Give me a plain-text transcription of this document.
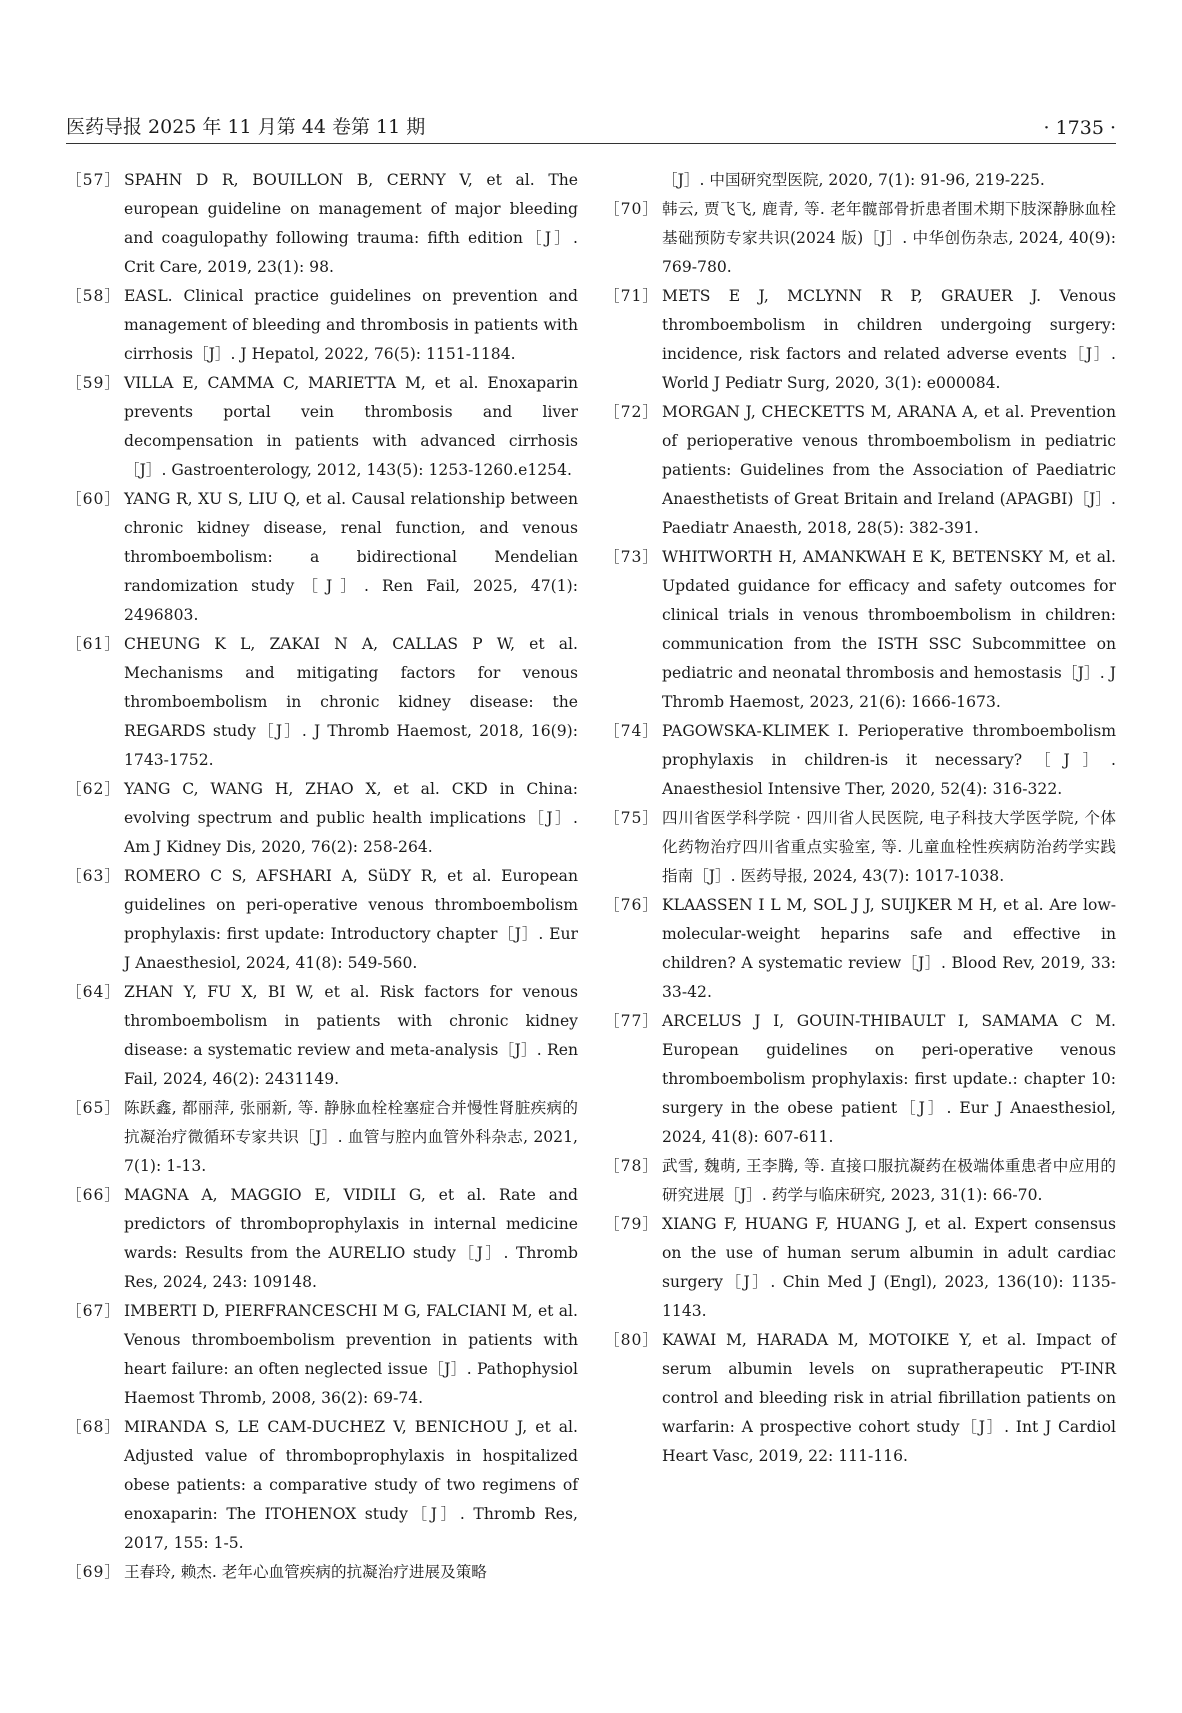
医药导报 2025 年 11 月第 44 卷第 11 期	· 1735 ·
［57］ SPAHN D R, BOUILLON B, CERNY V, et al. The european guideline on management of major bleeding and coagulopathy following trauma: fifth edition［J］. Crit Care, 2019, 23(1): 98.
［58］ EASL. Clinical practice guidelines on prevention and management of bleeding and thrombosis in patients with cirrhosis［J］. J Hepatol, 2022, 76(5): 1151-1184.
［59］ VILLA E, CAMMA C, MARIETTA M, et al. Enoxaparin prevents portal vein thrombosis and liver decompensation in patients with advanced cirrhosis［J］. Gastroenterology, 2012, 143(5): 1253-1260.e1254.
［60］ YANG R, XU S, LIU Q, et al. Causal relationship between chronic kidney disease, renal function, and venous thromboembolism: a bidirectional Mendelian randomization study［J］. Ren Fail, 2025, 47(1): 2496803.
［61］ CHEUNG K L, ZAKAI N A, CALLAS P W, et al. Mechanisms and mitigating factors for venous thromboembolism in chronic kidney disease: the REGARDS study［J］. J Thromb Haemost, 2018, 16(9): 1743-1752.
［62］ YANG C, WANG H, ZHAO X, et al. CKD in China: evolving spectrum and public health implications［J］. Am J Kidney Dis, 2020, 76(2): 258-264.
［63］ ROMERO C S, AFSHARI A, SüDY R, et al. European guidelines on peri-operative venous thromboembolism prophylaxis: first update: Introductory chapter［J］. Eur J Anaesthesiol, 2024, 41(8): 549-560.
［64］ ZHAN Y, FU X, BI W, et al. Risk factors for venous thromboembolism in patients with chronic kidney disease: a systematic review and meta-analysis［J］. Ren Fail, 2024, 46(2): 2431149.
［65］ 陈跃鑫, 都丽萍, 张丽新, 等. 静脉血栓栓塞症合并慢性肾脏疾病的抗凝治疗微循环专家共识［J］. 血管与腔内血管外科杂志, 2021, 7(1): 1-13.
［66］ MAGNA A, MAGGIO E, VIDILI G, et al. Rate and predictors of thromboprophylaxis in internal medicine wards: Results from the AURELIO study［J］. Thromb Res, 2024, 243: 109148.
［67］ IMBERTI D, PIERFRANCESCHI M G, FALCIANI M, et al. Venous thromboembolism prevention in patients with heart failure: an often neglected issue［J］. Pathophysiol Haemost Thromb, 2008, 36(2): 69-74.
［68］ MIRANDA S, LE CAM-DUCHEZ V, BENICHOU J, et al. Adjusted value of thromboprophylaxis in hospitalized obese patients: a comparative study of two regimens of enoxaparin: The ITOHENOX study［J］. Thromb Res, 2017, 155: 1-5.
［69］ 王春玲, 赖杰. 老年心血管疾病的抗凝治疗进展及策略
［J］. 中国研究型医院, 2020, 7(1): 91-96, 219-225.
［70］ 韩云, 贾飞飞, 鹿青, 等. 老年髋部骨折患者围术期下肢深静脉血栓基础预防专家共识(2024 版)［J］. 中华创伤杂志, 2024, 40(9): 769-780.
［71］ METS E J, MCLYNN R P, GRAUER J. Venous thromboembolism in children undergoing surgery: incidence, risk factors and related adverse events［J］. World J Pediatr Surg, 2020, 3(1): e000084.
［72］ MORGAN J, CHECKETTS M, ARANA A, et al. Prevention of perioperative venous thromboembolism in pediatric patients: Guidelines from the Association of Paediatric Anaesthetists of Great Britain and Ireland (APAGBI)［J］. Paediatr Anaesth, 2018, 28(5): 382-391.
［73］ WHITWORTH H, AMANKWAH E K, BETENSKY M, et al. Updated guidance for efficacy and safety outcomes for clinical trials in venous thromboembolism in children: communication from the ISTH SSC Subcommittee on pediatric and neonatal thrombosis and hemostasis［J］. J Thromb Haemost, 2023, 21(6): 1666-1673.
［74］ PAGOWSKA-KLIMEK I. Perioperative thromboembolism prophylaxis in children-is it necessary?［J］. Anaesthesiol Intensive Ther, 2020, 52(4): 316-322.
［75］ 四川省医学科学院 · 四川省人民医院, 电子科技大学医学院, 个体化药物治疗四川省重点实验室, 等. 儿童血栓性疾病防治药学实践指南［J］. 医药导报, 2024, 43(7): 1017-1038.
［76］ KLAASSEN I L M, SOL J J, SUIJKER M H, et al. Are low-molecular-weight heparins safe and effective in children? A systematic review［J］. Blood Rev, 2019, 33: 33-42.
［77］ ARCELUS J I, GOUIN-THIBAULT I, SAMAMA C M. European guidelines on peri-operative venous thromboembolism prophylaxis: first update.: chapter 10: surgery in the obese patient［J］. Eur J Anaesthesiol, 2024, 41(8): 607-611.
［78］ 武雪, 魏萌, 王李腾, 等. 直接口服抗凝药在极端体重患者中应用的研究进展［J］. 药学与临床研究, 2023, 31(1): 66-70.
［79］ XIANG F, HUANG F, HUANG J, et al. Expert consensus on the use of human serum albumin in adult cardiac surgery［J］. Chin Med J (Engl), 2023, 136(10): 1135-1143.
［80］ KAWAI M, HARADA M, MOTOIKE Y, et al. Impact of serum albumin levels on supratherapeutic PT-INR control and bleeding risk in atrial fibrillation patients on warfarin: A prospective cohort study［J］. Int J Cardiol Heart Vasc, 2019, 22: 111-116.
